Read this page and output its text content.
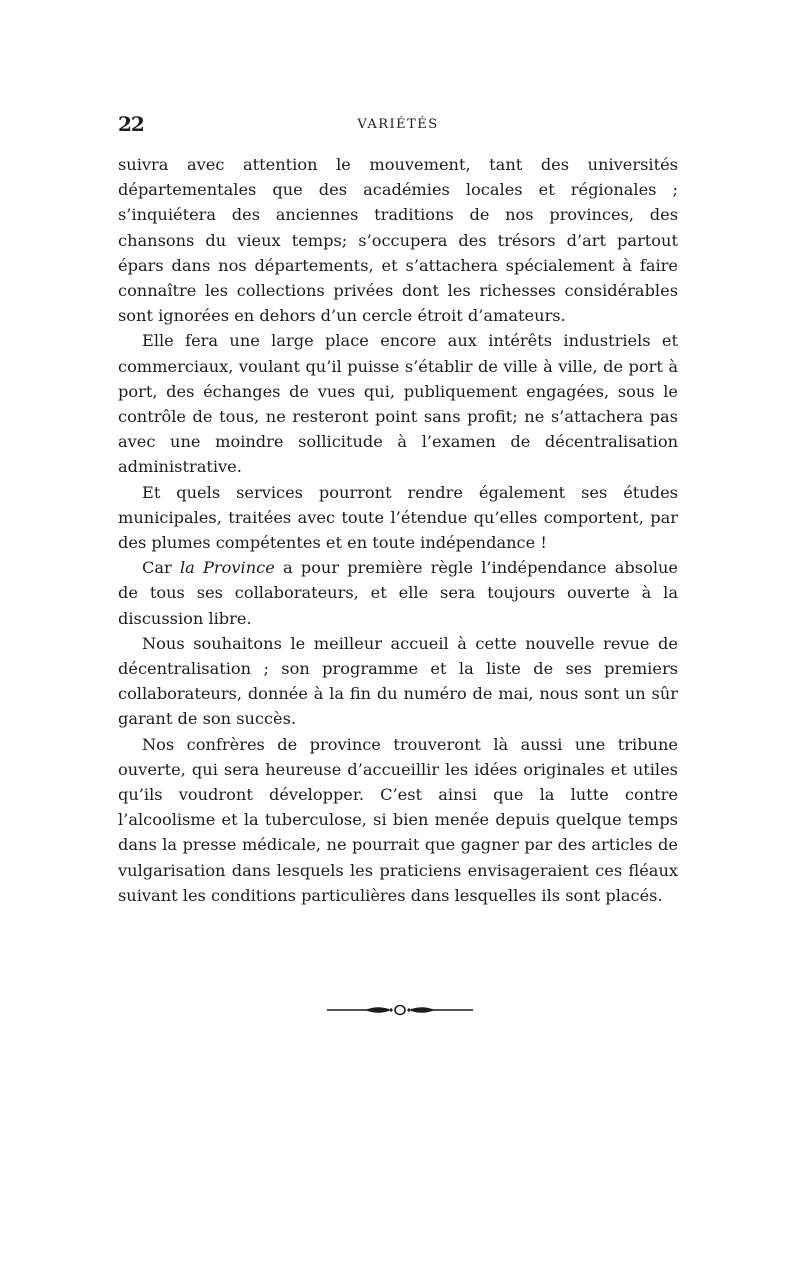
22	VARIÉTÉS

suivra avec attention le mouvement, tant des universités départementales que des académies locales et régionales ; s’inquiétera des anciennes traditions de nos provinces, des chansons du vieux temps; s’occupera des trésors d’art partout épars dans nos départements, et s’attachera spécialement à faire connaître les collections privées dont les richesses considérables sont ignorées en dehors d’un cercle étroit d’amateurs.

Elle fera une large place encore aux intérêts industriels et commerciaux, voulant qu’il puisse s’établir de ville à ville, de port à port, des échanges de vues qui, publiquement engagées, sous le contrôle de tous, ne resteront point sans profit; ne s’attachera pas avec une moindre sollicitude à l’examen de décentralisation administrative.

Et quels services pourront rendre également ses études municipales, traitées avec toute l’étendue qu’elles comportent, par des plumes compétentes et en toute indépendance !

Car la Province a pour première règle l’indépendance absolue de tous ses collaborateurs, et elle sera toujours ouverte à la discussion libre.

Nous souhaitons le meilleur accueil à cette nouvelle revue de décentralisation ; son programme et la liste de ses premiers collaborateurs, donnée à la fin du numéro de mai, nous sont un sûr garant de son succès.

Nos confrères de province trouveront là aussi une tribune ouverte, qui sera heureuse d’accueillir les idées originales et utiles qu’ils voudront développer. C’est ainsi que la lutte contre l’alcoolisme et la tuberculose, si bien menée depuis quelque temps dans la presse médicale, ne pourrait que gagner par des articles de vulgarisation dans lesquels les praticiens envisageraient ces fléaux suivant les conditions particulières dans lesquelles ils sont placés.
